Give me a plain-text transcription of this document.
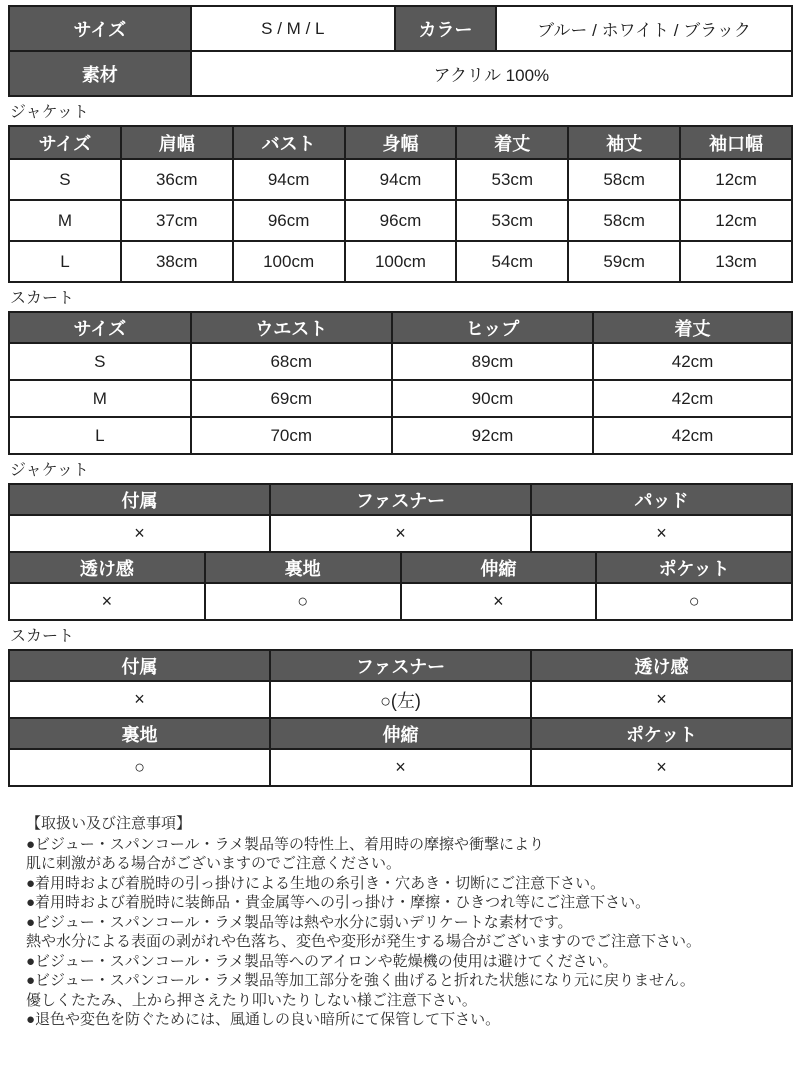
サイズ	S / M / L	カラー	ブルー / ホワイト / ブラック
素材	アクリル 100%		
ジャケット
サイズ	肩幅	バスト	身幅	着丈	袖丈	袖口幅
S	36cm	94cm	94cm	53cm	58cm	12cm
M	37cm	96cm	96cm	53cm	58cm	12cm
L	38cm	100cm	100cm	54cm	59cm	13cm
スカート
サイズ	ウエスト	ヒップ	着丈
S	68cm	89cm	42cm
M	69cm	90cm	42cm
L	70cm	92cm	42cm
ジャケット
付属		ファスナー		パッド	
×		×		×	
透け感	裏地		伸縮		ポケット
×	○		×		○
スカート
付属	ファスナー	透け感
×	○(左)	×
裏地	伸縮	ポケット
○	×	×
【取扱い及び注意事項】
●ビジュー・スパンコール・ラメ製品等の特性上、着用時の摩擦や衝撃により
肌に刺激がある場合がございますのでご注意ください。
●着用時および着脱時の引っ掛けによる生地の糸引き・穴あき・切断にご注意下さい。
●着用時および着脱時に装飾品・貴金属等への引っ掛け・摩擦・ひきつれ等にご注意下さい。
●ビジュー・スパンコール・ラメ製品等は熱や水分に弱いデリケートな素材です。
熱や水分による表面の剥がれや色落ち、変色や変形が発生する場合がございますのでご注意下さい。
●ビジュー・スパンコール・ラメ製品等へのアイロンや乾燥機の使用は避けてください。
●ビジュー・スパンコール・ラメ製品等加工部分を強く曲げると折れた状態になり元に戻りません。
優しくたたみ、上から押さえたり叩いたりしない様ご注意下さい。
●退色や変色を防ぐためには、風通しの良い暗所にて保管して下さい。
